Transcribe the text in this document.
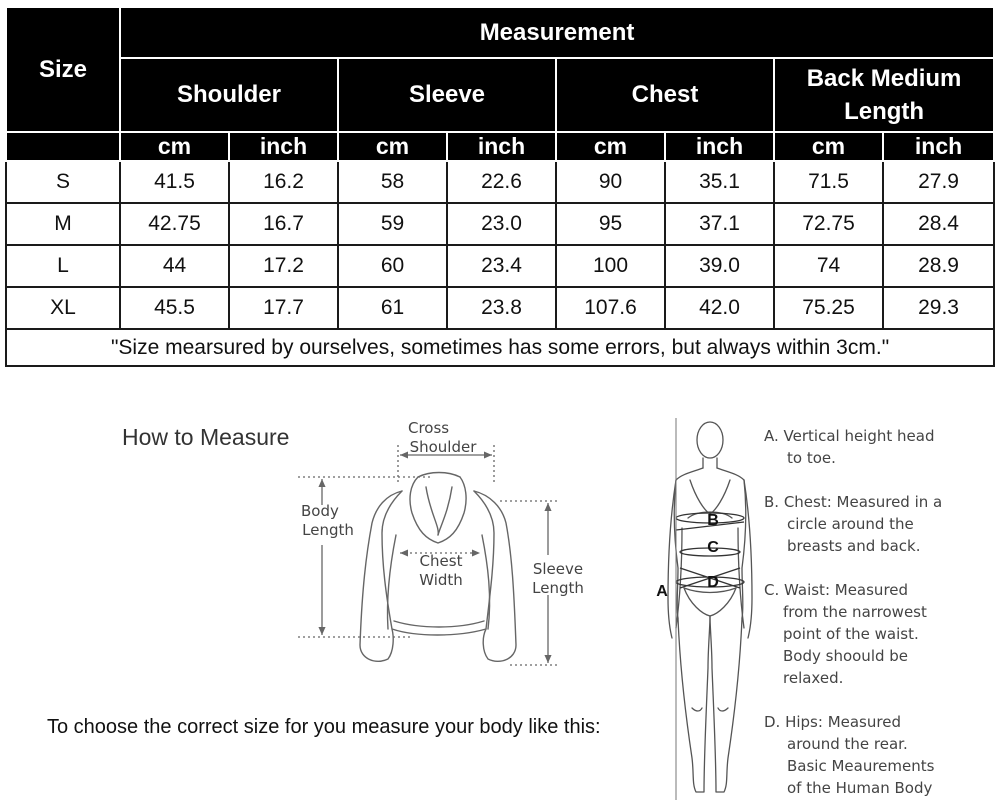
Size	Measurement							
	Shoulder		Sleeve		Chest		Back Medium Length	
	cm	inch	cm	inch	cm	inch	cm	inch
S	41.5	16.2	58	22.6	90	35.1	71.5	27.9
M	42.75	16.7	59	23.0	95	37.1	72.75	28.4
L	44	17.2	60	23.4	100	39.0	74	28.9
XL	45.5	17.7	61	23.8	107.6	42.0	75.25	29.3
"Size mearsured by ourselves, sometimes has some errors, but always within 3cm."								
How to Measure
To choose the correct size for you measure your body like this:
Cross
Shoulder
Body
Length
Chest
Width
Sleeve
Length	A
B
C
D
A. Vertical height head
to toe.
B. Chest: Measured in a
circle around the
breasts and back.
C. Waist: Measured
from the narrowest
point of the waist.
Body shoould be
relaxed.
D. Hips: Measured
around the rear.
Basic Meaurements
of the Human Body
